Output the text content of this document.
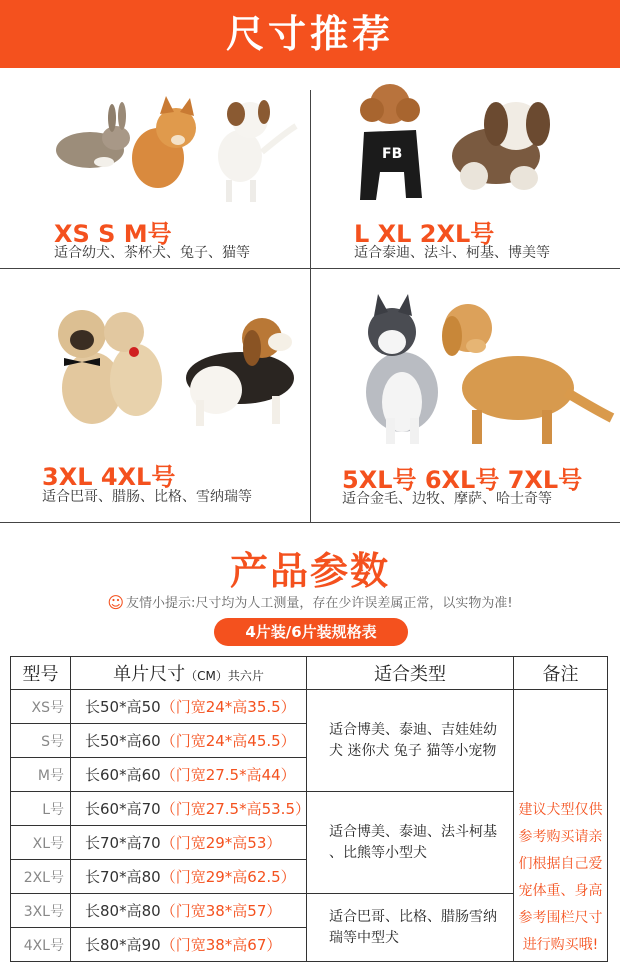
尺寸推荐
XS S M号
适合幼犬、茶杯犬、兔子、猫等
FB
L XL 2XL号
适合泰迪、法斗、柯基、博美等
3XL 4XL号
适合巴哥、腊肠、比格、雪纳瑞等
5XL号 6XL号 7XL号
适合金毛、边牧、摩萨、哈士奇等
产品参数
☺ 友情小提示:尺寸均为人工测量，存在少许误差属正常，以实物为准!
4片装/6片装规格表
型号	单片尺寸（CM）共六片	适合类型	备注
XS号	长50*高50（门宽24*高35.5）	适合博美、泰迪、吉娃娃幼犬 迷你犬 兔子 猫等小宠物	建议犬型仅供参考购买请亲们根据自己爱宠体重、身高参考围栏尺寸进行购买哦!
S号	长50*高60（门宽24*高45.5）		
M号	长60*高60（门宽27.5*高44）		
L号	长60*高70（门宽27.5*高53.5）	适合博美、泰迪、法斗柯基 、比熊等小型犬	
XL号	长70*高70（门宽29*高53）		
2XL号	长70*高80（门宽29*高62.5）		
3XL号	长80*高80（门宽38*高57）	适合巴哥、比格、腊肠雪纳瑞等中型犬	
4XL号	长80*高90（门宽38*高67）		
